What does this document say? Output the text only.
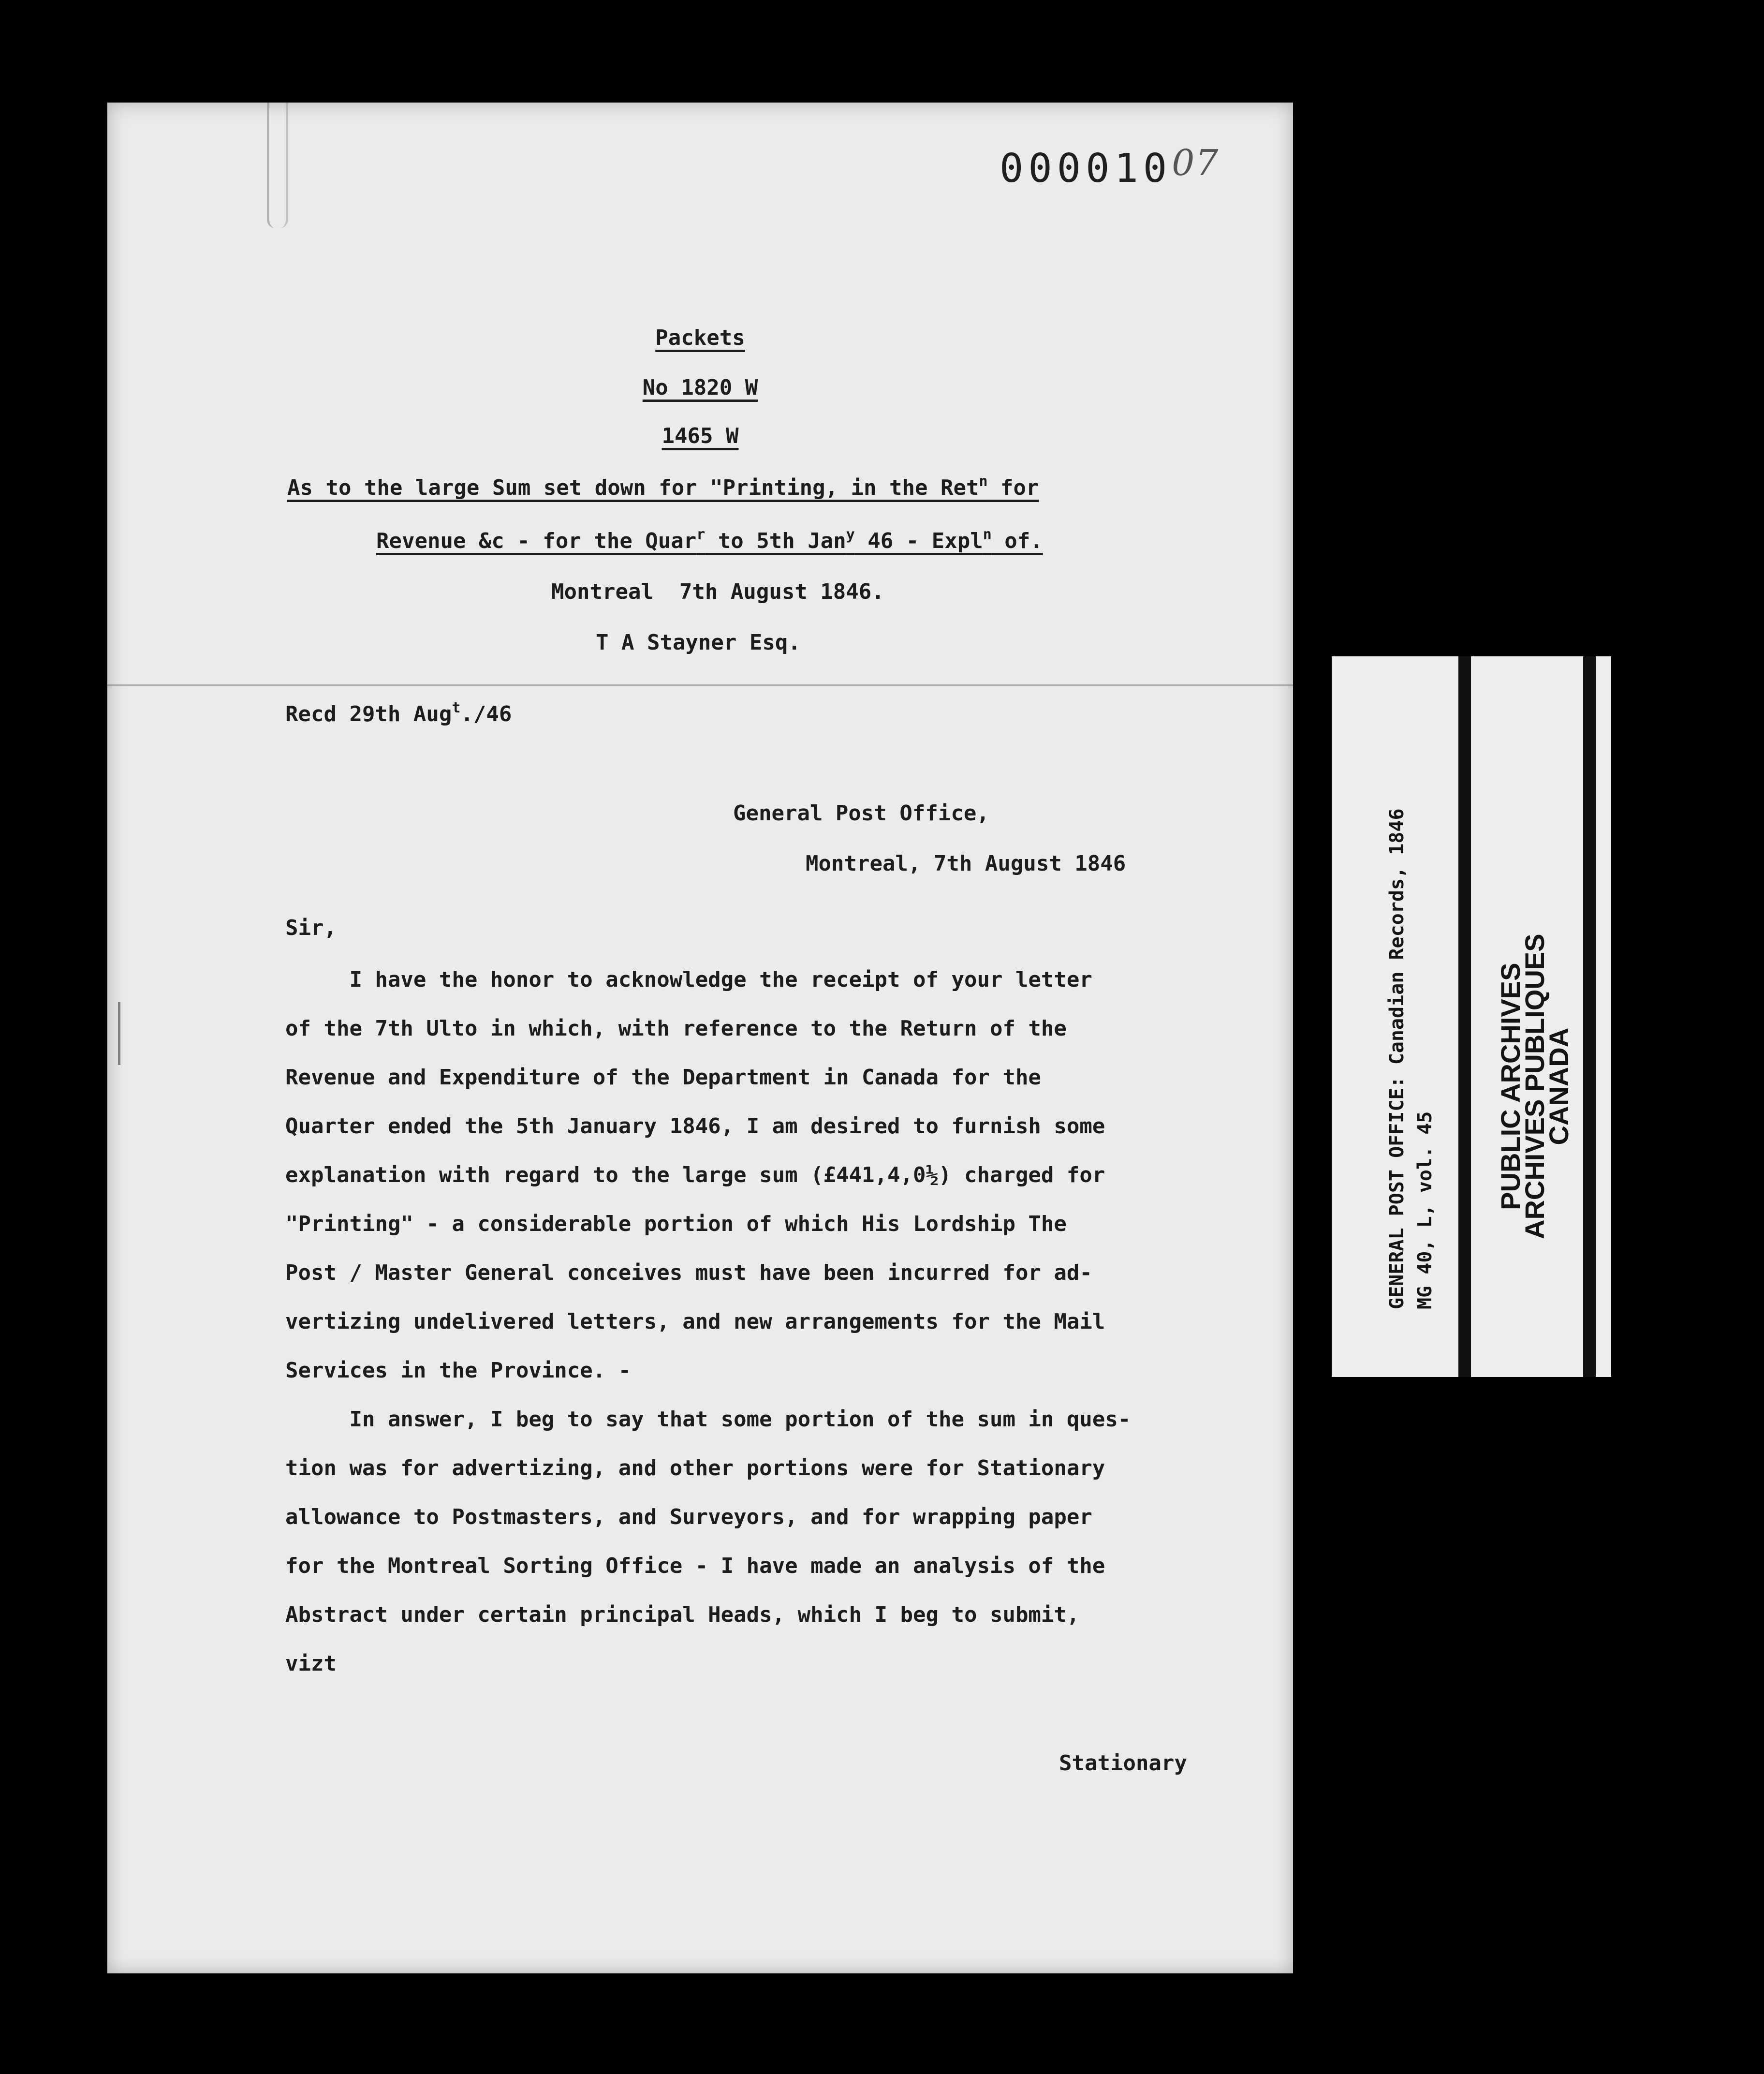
00001007
Packets
No 1820 W
1465 W
As to the large Sum set down for "Printing, in the Ret$^n$ for
Revenue &c - for the Quar$^r$ to 5th Jan$^y$ 46 - Expl$^n$ of.
Montreal  7th August 1846.
T A Stayner Esq.
Recd 29th Aug$^t$./46
General Post Office,
Montreal, 7th August 1846
Sir,
I have the honor to acknowledge the receipt of your letter
of the 7th Ulto in which, with reference to the Return of the
Revenue and Expenditure of the Department in Canada for the
Quarter ended the 5th January 1846, I am desired to furnish some
explanation with regard to the large sum (£441,4,0½) charged for
"Printing" - a considerable portion of which His Lordship The
Post / Master General conceives must have been incurred for ad-
vertizing undelivered letters, and new arrangements for the Mail
Services in the Province. -
In answer, I beg to say that some portion of the sum in ques-
tion was for advertizing, and other portions were for Stationary
allowance to Postmasters, and Surveyors, and for wrapping paper
for the Montreal Sorting Office - I have made an analysis of the
Abstract under certain principal Heads, which I beg to submit,
vizt
Stationary
GENERAL POST OFFICE: Canadian Records, 1846 MG 40, L, vol. 45
PUBLIC ARCHIVES
ARCHIVES PUBLIQUES
CANADA
